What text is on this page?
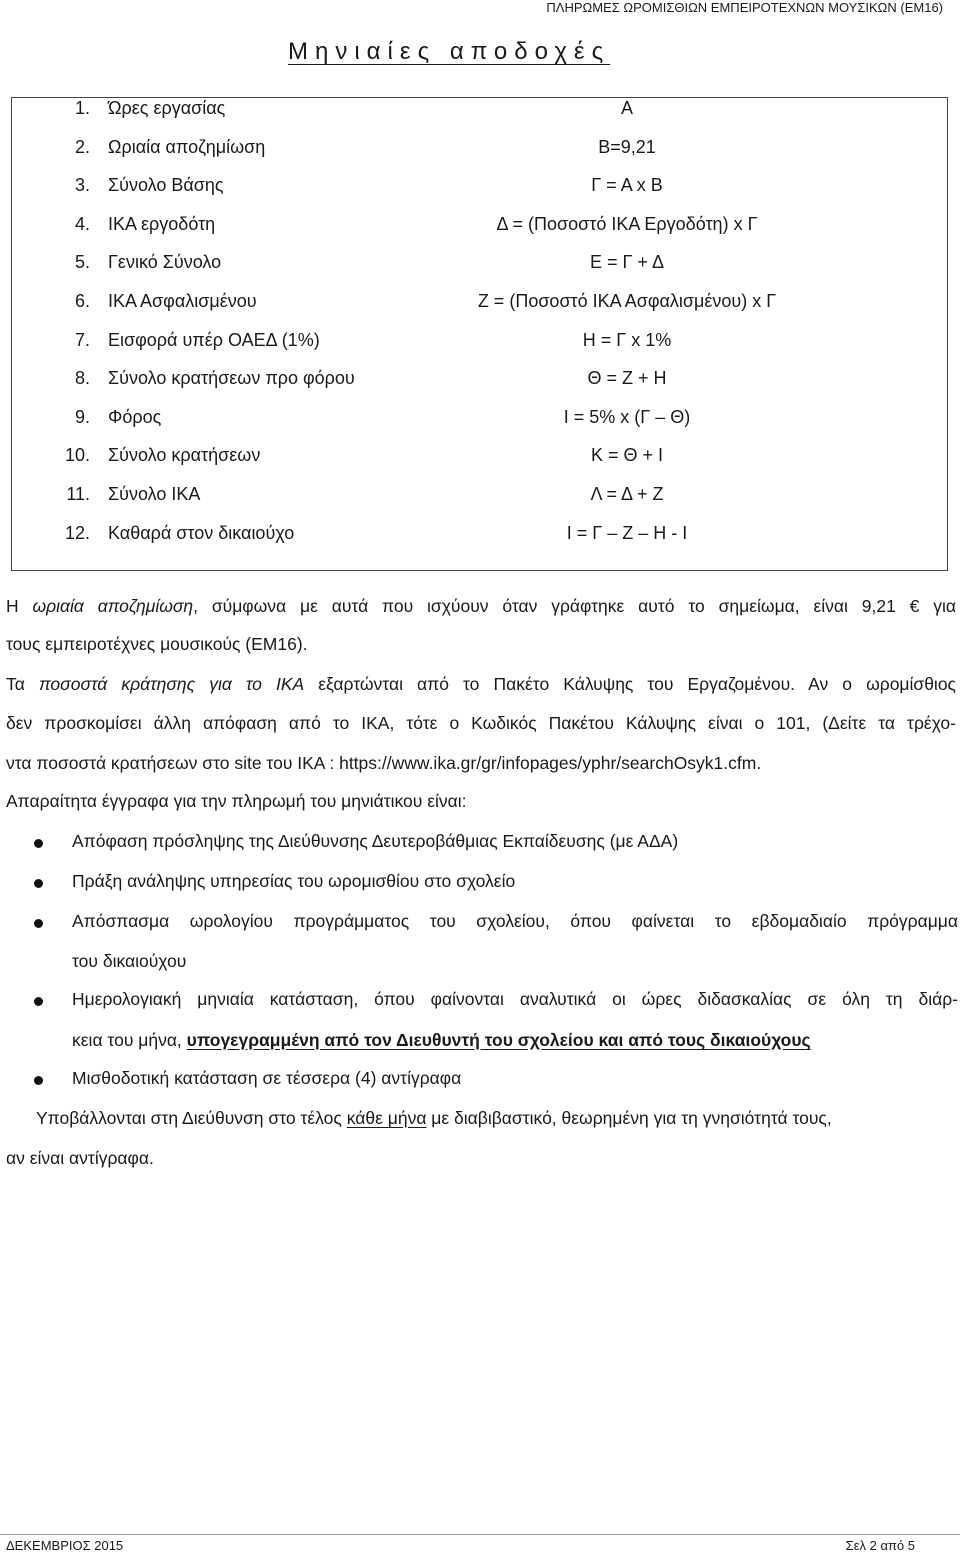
ΠΛΗΡΩΜΕΣ ΩΡΟΜΙΣΘΙΩΝ ΕΜΠΕΙΡΟΤΕΧΝΩΝ ΜΟΥΣΙΚΩΝ (ΕΜ16)
Μηνιαίες αποδοχές
1. Ώρες εργασίας	Α
2. Ωριαία αποζημίωση	Β=9,21
3. Σύνολο Βάσης	Γ = Α x Β
4. ΙΚΑ εργοδότη	Δ = (Ποσοστό ΙΚΑ Εργοδότη) x Γ
5. Γενικό Σύνολο	Ε = Γ + Δ
6. ΙΚΑ Ασφαλισμένου	Ζ = (Ποσοστό ΙΚΑ Ασφαλισμένου) x Γ
7. Εισφορά υπέρ ΟΑΕΔ (1%)	Η = Γ x 1%
8. Σύνολο κρατήσεων προ φόρου	Θ = Ζ + Η
9. Φόρος	Ι = 5% x (Γ – Θ)
10. Σύνολο κρατήσεων	Κ = Θ + Ι
11. Σύνολο ΙΚΑ	Λ = Δ + Ζ
12. Καθαρά στον δικαιούχο	Ι = Γ – Ζ – Η - Ι
Η ωριαία αποζημίωση, σύμφωνα με αυτά που ισχύουν όταν γράφτηκε αυτό το σημείωμα, είναι 9,21 € για
τους εμπειροτέχνες μουσικούς (ΕΜ16).
Τα ποσοστά κράτησης για το ΙΚΑ εξαρτώνται από το Πακέτο Κάλυψης του Εργαζομένου. Αν ο ωρομίσθιος
δεν προσκομίσει άλλη απόφαση από το ΙΚΑ, τότε ο Κωδικός Πακέτου Κάλυψης είναι ο 101, (Δείτε τα τρέχο-
ντα ποσοστά κρατήσεων στο site του ΙΚΑ : https://www.ika.gr/gr/infopages/yphr/searchOsyk1.cfm.
Απαραίτητα έγγραφα για την πληρωμή του μηνιάτικου είναι:
Απόφαση πρόσληψης της Διεύθυνσης Δευτεροβάθμιας Εκπαίδευσης (με ΑΔΑ)
Πράξη ανάληψης υπηρεσίας του ωρομισθίου στο σχολείο
Απόσπασμα ωρολογίου προγράμματος του σχολείου, όπου φαίνεται το εβδομαδιαίο πρόγραμμα
του δικαιούχου
Ημερολογιακή μηνιαία κατάσταση, όπου φαίνονται αναλυτικά οι ώρες διδασκαλίας σε όλη τη διάρ-
κεια του μήνα, υπογεγραμμένη από τον Διευθυντή του σχολείου και από τους δικαιούχους
Μισθοδοτική κατάσταση σε τέσσερα (4) αντίγραφα
Υποβάλλονται στη Διεύθυνση στο τέλος κάθε μήνα με διαβιβαστικό, θεωρημένη για τη γνησιότητά τους,
αν είναι αντίγραφα.
ΔΕΚΕΜΒΡΙΟΣ 2015	Σελ 2 από 5
